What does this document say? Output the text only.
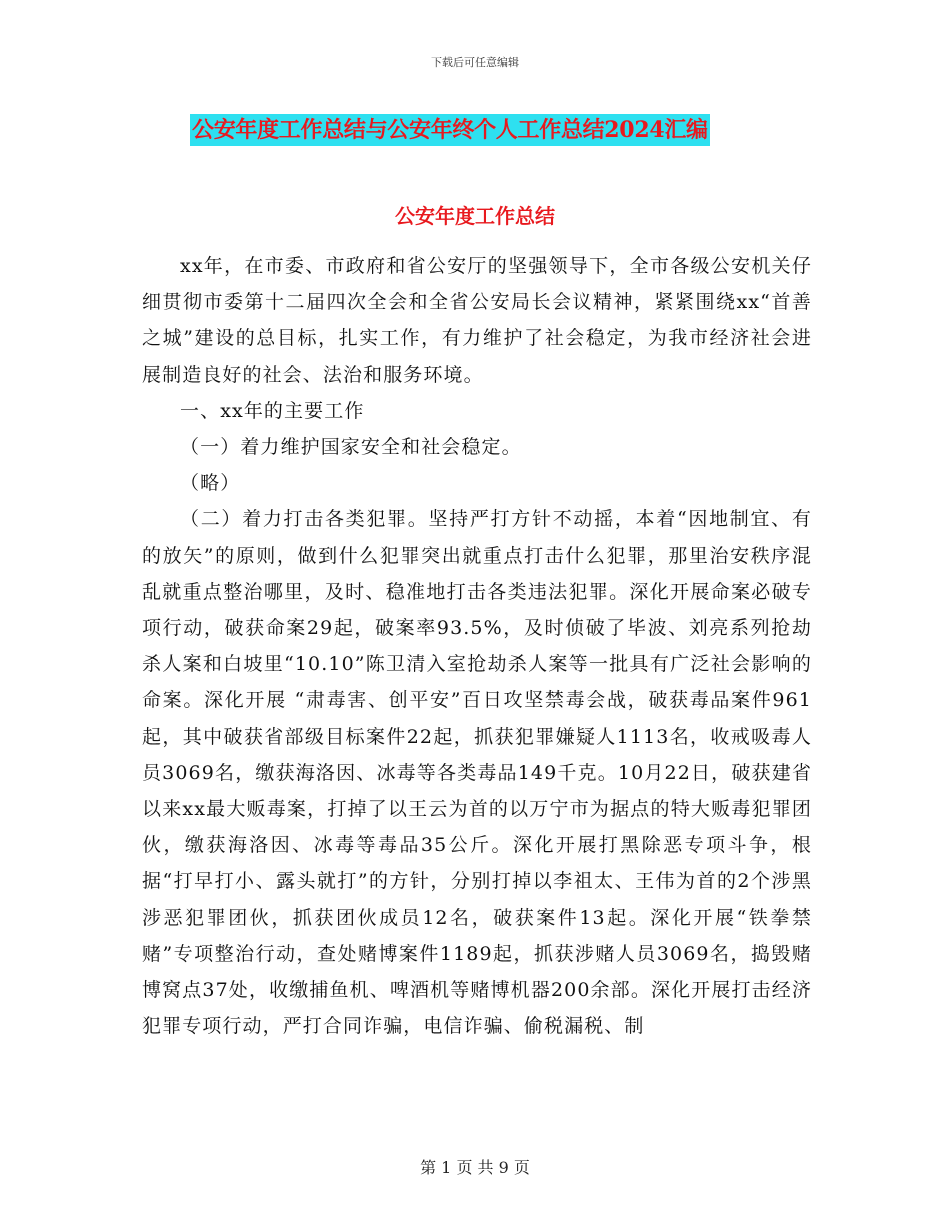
下载后可任意编辑
公安年度工作总结与公安年终个人工作总结2024汇编
公安年度工作总结

xx年，在市委、市政府和省公安厅的坚强领导下，全市各级公安机关仔细贯彻市委第十二届四次全会和全省公安局长会议精神，紧紧围绕xx“首善之城”建设的总目标，扎实工作，有力维护了社会稳定，为我市经济社会进展制造良好的社会、法治和服务环境。

一、xx年的主要工作

（一）着力维护国家安全和社会稳定。

（略）

（二）着力打击各类犯罪。坚持严打方针不动摇，本着“因地制宜、有的放矢”的原则，做到什么犯罪突出就重点打击什么犯罪，那里治安秩序混乱就重点整治哪里，及时、稳准地打击各类违法犯罪。深化开展命案必破专项行动，破获命案29起，破案率93.5%，及时侦破了毕波、刘亮系列抢劫杀人案和白坡里“10.10”陈卫清入室抢劫杀人案等一批具有广泛社会影响的命案。深化开展 “肃毒害、创平安”百日攻坚禁毒会战，破获毒品案件961起，其中破获省部级目标案件22起，抓获犯罪嫌疑人1113名，收戒吸毒人员3069名，缴获海洛因、冰毒等各类毒品149千克。10月22日，破获建省以来xx最大贩毒案，打掉了以王云为首的以万宁市为据点的特大贩毒犯罪团伙，缴获海洛因、冰毒等毒品35公斤。深化开展打黑除恶专项斗争，根据“打早打小、露头就打”的方针，分别打掉以李祖太、王伟为首的2个涉黑涉恶犯罪团伙，抓获团伙成员12名，破获案件13起。深化开展“铁拳禁赌”专项整治行动，查处赌博案件1189起，抓获涉赌人员3069名，捣毁赌博窝点37处，收缴捕鱼机、啤酒机等赌博机器200余部。深化开展打击经济犯罪专项行动，严打合同诈骗，电信诈骗、偷税漏税、制

第 1 页 共 9 页
